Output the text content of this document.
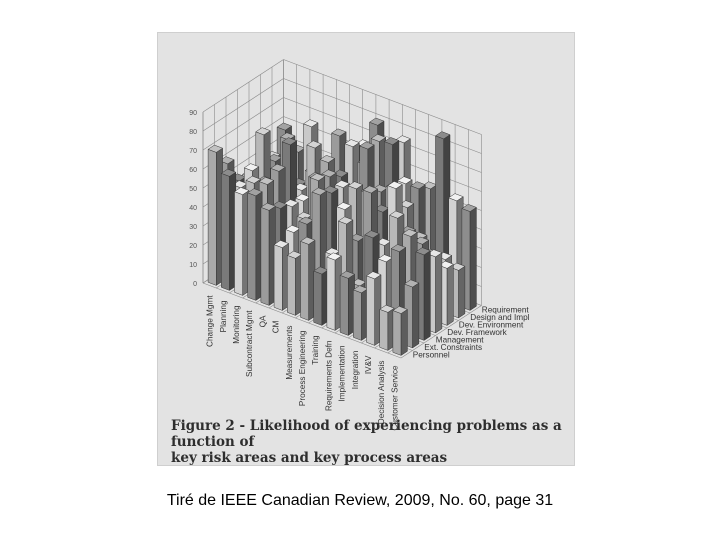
0
10
20
30
40
50
60
70
80
90
Change Mgmt Planning Monitoring Subcontract Mgmt QA CM Measurements Process Engineering Training Requirements Defn Implementation Integration IV&V Decision Analysis Customer Service
Personnel
Ext. Constraints
Management
Dev. Framework
Dev. Environment
Design and Impl
Requirement
Figure 2 - Likelihood of experiencing problems as a function of
key risk areas and key process areas
Tiré de IEEE Canadian Review, 2009, No. 60, page 31
